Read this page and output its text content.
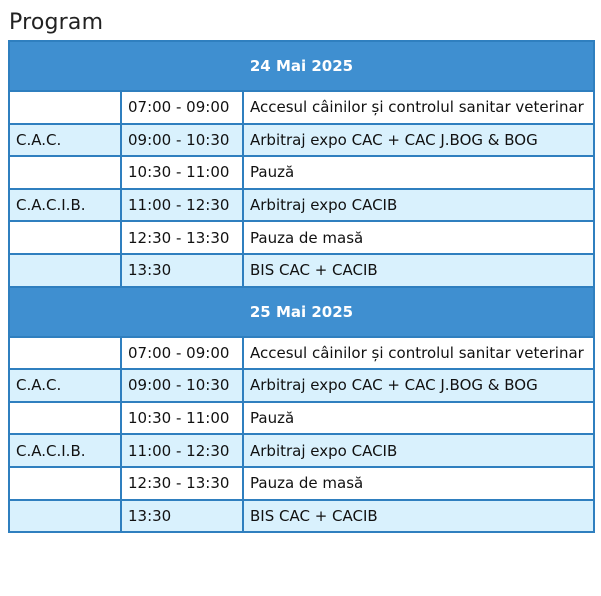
Program
24 Mai 2025		
	07:00 - 09:00	Accesul câinilor și controlul sanitar veterinar
C.A.C.	09:00 - 10:30	Arbitraj expo CAC + CAC J.BOG & BOG
	10:30 - 11:00	Pauză
C.A.C.I.B.	11:00 - 12:30	Arbitraj expo CACIB
	12:30 - 13:30	Pauza de masă
	13:30	BIS CAC + CACIB
25 Mai 2025		
	07:00 - 09:00	Accesul câinilor și controlul sanitar veterinar
C.A.C.	09:00 - 10:30	Arbitraj expo CAC + CAC J.BOG & BOG
	10:30 - 11:00	Pauză
C.A.C.I.B.	11:00 - 12:30	Arbitraj expo CACIB
	12:30 - 13:30	Pauza de masă
	13:30	BIS CAC + CACIB
